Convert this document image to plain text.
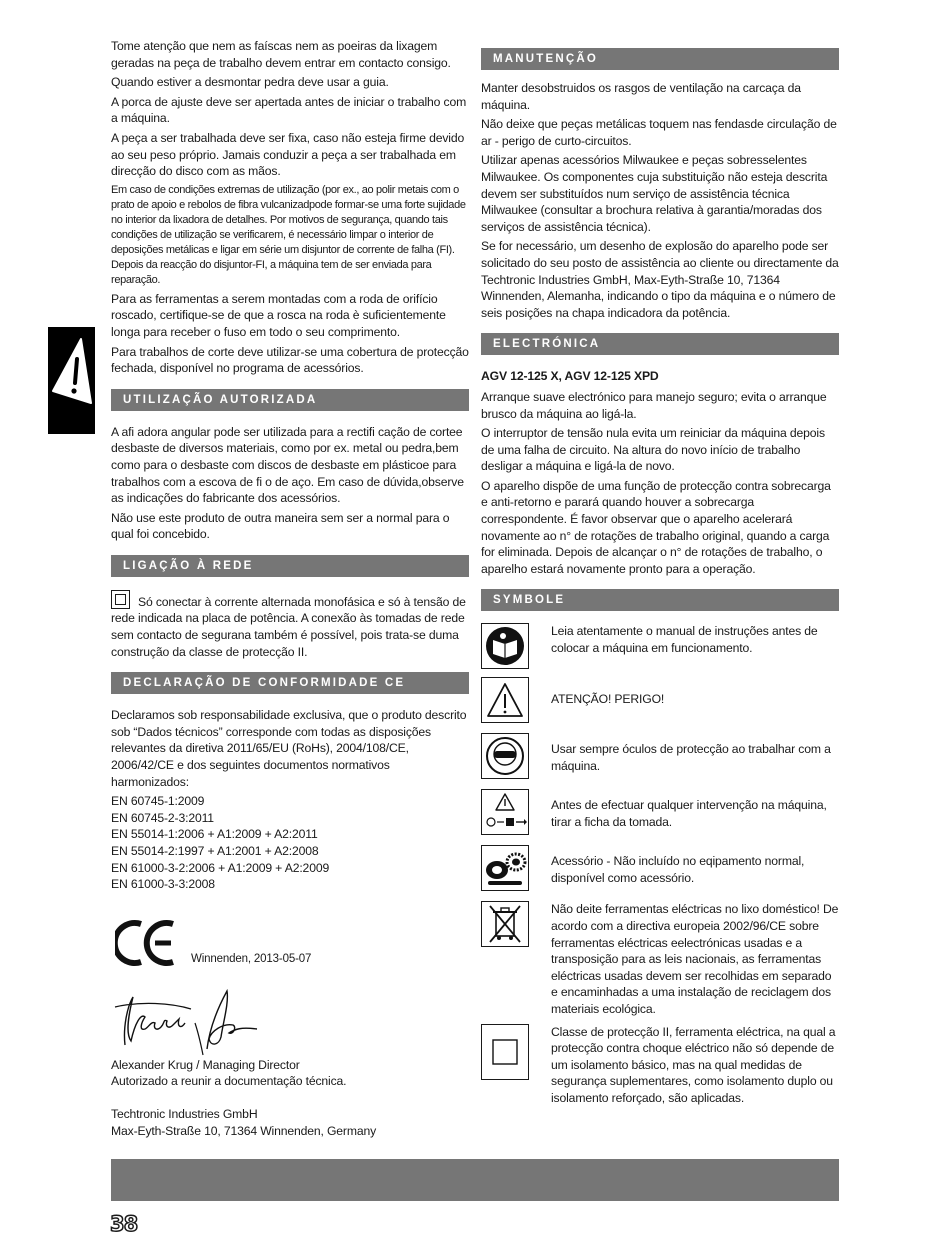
Tome atenção que nem as faíscas nem as poeiras da lixagem geradas na peça de trabalho devem entrar em contacto consigo.

Quando estiver a desmontar pedra deve usar a guia.

A porca de ajuste deve ser apertada antes de iniciar o trabalho com a máquina.

A peça a ser trabalhada deve ser fixa, caso não esteja firme devido ao seu peso próprio. Jamais conduzir a peça a ser trabalhada em direcção do disco com as mãos.

Em caso de condições extremas de utilização (por ex., ao polir metais com o prato de apoio e rebolos de fibra vulcanizadpode formar-se uma forte sujidade no interior da lixadora de detalhes. Por motivos de segurança, quando tais condições de utilização se verificarem, é necessário limpar o interior de deposições metálicas e ligar em série um disjuntor de corrente de falha (FI). Depois da reacção do disjuntor-FI, a máquina tem de ser enviada para reparação.

Para as ferramentas a serem montadas com a roda de orifício roscado, certifique-se de que a rosca na roda è suficientemente longa para receber o fuso em todo o seu comprimento.

Para trabalhos de corte deve utilizar-se uma cobertura de protecção fechada, disponível no programa de acessórios.

UTILIZAÇÃO AUTORIZADA

A afi adora angular pode ser utilizada para a rectifi cação de cortee desbaste de diversos materiais, como por ex. metal ou pedra,bem como para o desbaste com discos de desbaste em plásticoe para trabalhos com a escova de fi o de aço. Em caso de dúvida,observe as indicações do fabricante dos acessórios.

Não use este produto de outra maneira sem ser a normal para o qual foi concebido.

LIGAÇÃO À REDE

Só conectar à corrente alternada monofásica e só à tensão de rede indicada na placa de potência. A conexão às tomadas de rede sem contacto de segurana também é possível, pois trata-se duma construção da classe de protecção II.

DECLARAÇÃO DE CONFORMIDADE CE

Declaramos sob responsabilidade exclusiva, que o produto descrito sob “Dados técnicos” corresponde com todas as disposições relevantes da diretiva 2011/65/EU (RoHs), 2004/108/CE, 2006/42/CE e dos seguintes documentos normativos harmonizados:

EN 60745-1:2009
EN 60745-2-3:2011
EN 55014-1:2006 + A1:2009 + A2:2011
EN 55014-2:1997 + A1:2001 + A2:2008
EN 61000-3-2:2006 + A1:2009 + A2:2009
EN 61000-3-3:2008
Winnenden, 2013-05-07
Alexander Krug / Managing Director
Autorizado a reunir a documentação técnica.
Techtronic Industries GmbH
Max-Eyth-Straße 10, 71364 Winnenden, Germany
MANUTENÇÃO

Manter desobstruidos os rasgos de ventilação na carcaça da máquina.

Não deixe que peças metálicas toquem nas fendasde circulação de ar - perigo de curto-circuitos.

Utilizar apenas acessórios Milwaukee e peças sobresselentes Milwaukee. Os componentes cuja substituição não esteja descrita devem ser substituídos num serviço de assistência técnica Milwaukee (consultar a brochura relativa à garantia/moradas dos serviços de assistência técnica).

Se for necessário, um desenho de explosão do aparelho pode ser solicitado do seu posto de assistência ao cliente ou directamente da Techtronic Industries GmbH, Max-Eyth-Straße 10, 71364 Winnenden, Alemanha, indicando o tipo da máquina e o número de seis posições na chapa indicadora da potência.

ELECTRÓNICA

AGV 12-125 X, AGV 12-125 XPD

Arranque suave electrónico para manejo seguro; evita o arranque brusco da máquina ao ligá-la.

O interruptor de tensão nula evita um reiniciar da máquina depois de uma falha de circuito. Na altura do novo início de trabalho desligar a máquina e ligá-la de novo.

O aparelho dispõe de uma função de protecção contra sobrecarga e anti-retorno e parará quando houver a sobrecarga correspondente. É favor observar que o aparelho acelerará novamente ao n° de rotações de trabalho original, quando a carga for eliminada. Depois de alcançar o n° de rotações de trabalho, o aparelho estará novamente pronto para a operação.

SYMBOLE
Leia atentamente o manual de instruções antes de colocar a máquina em funcionamento.
ATENÇÃO! PERIGO!
Usar sempre óculos de protecção ao trabalhar com a máquina.
Antes de efectuar qualquer intervenção na máquina, tirar a ficha da tomada.
Acessório - Não incluído no eqipamento normal, disponível como acessório.
Não deite ferramentas eléctricas no lixo doméstico! De acordo com a directiva europeia 2002/96/CE sobre ferramentas eléctricas eelectrónicas usadas e a transposição para as leis nacionais, as ferramentas eléctricas usadas devem ser recolhidas em separado e encaminhadas a uma instalação de reciclagem dos materiais ecológica.
Classe de protecção II, ferramenta eléctrica, na qual a protecção contra choque eléctrico não só depende de um isolamento básico, mas na qual medidas de segurança suplementares, como isolamento duplo ou isolamento reforçado, são aplicadas.
38
